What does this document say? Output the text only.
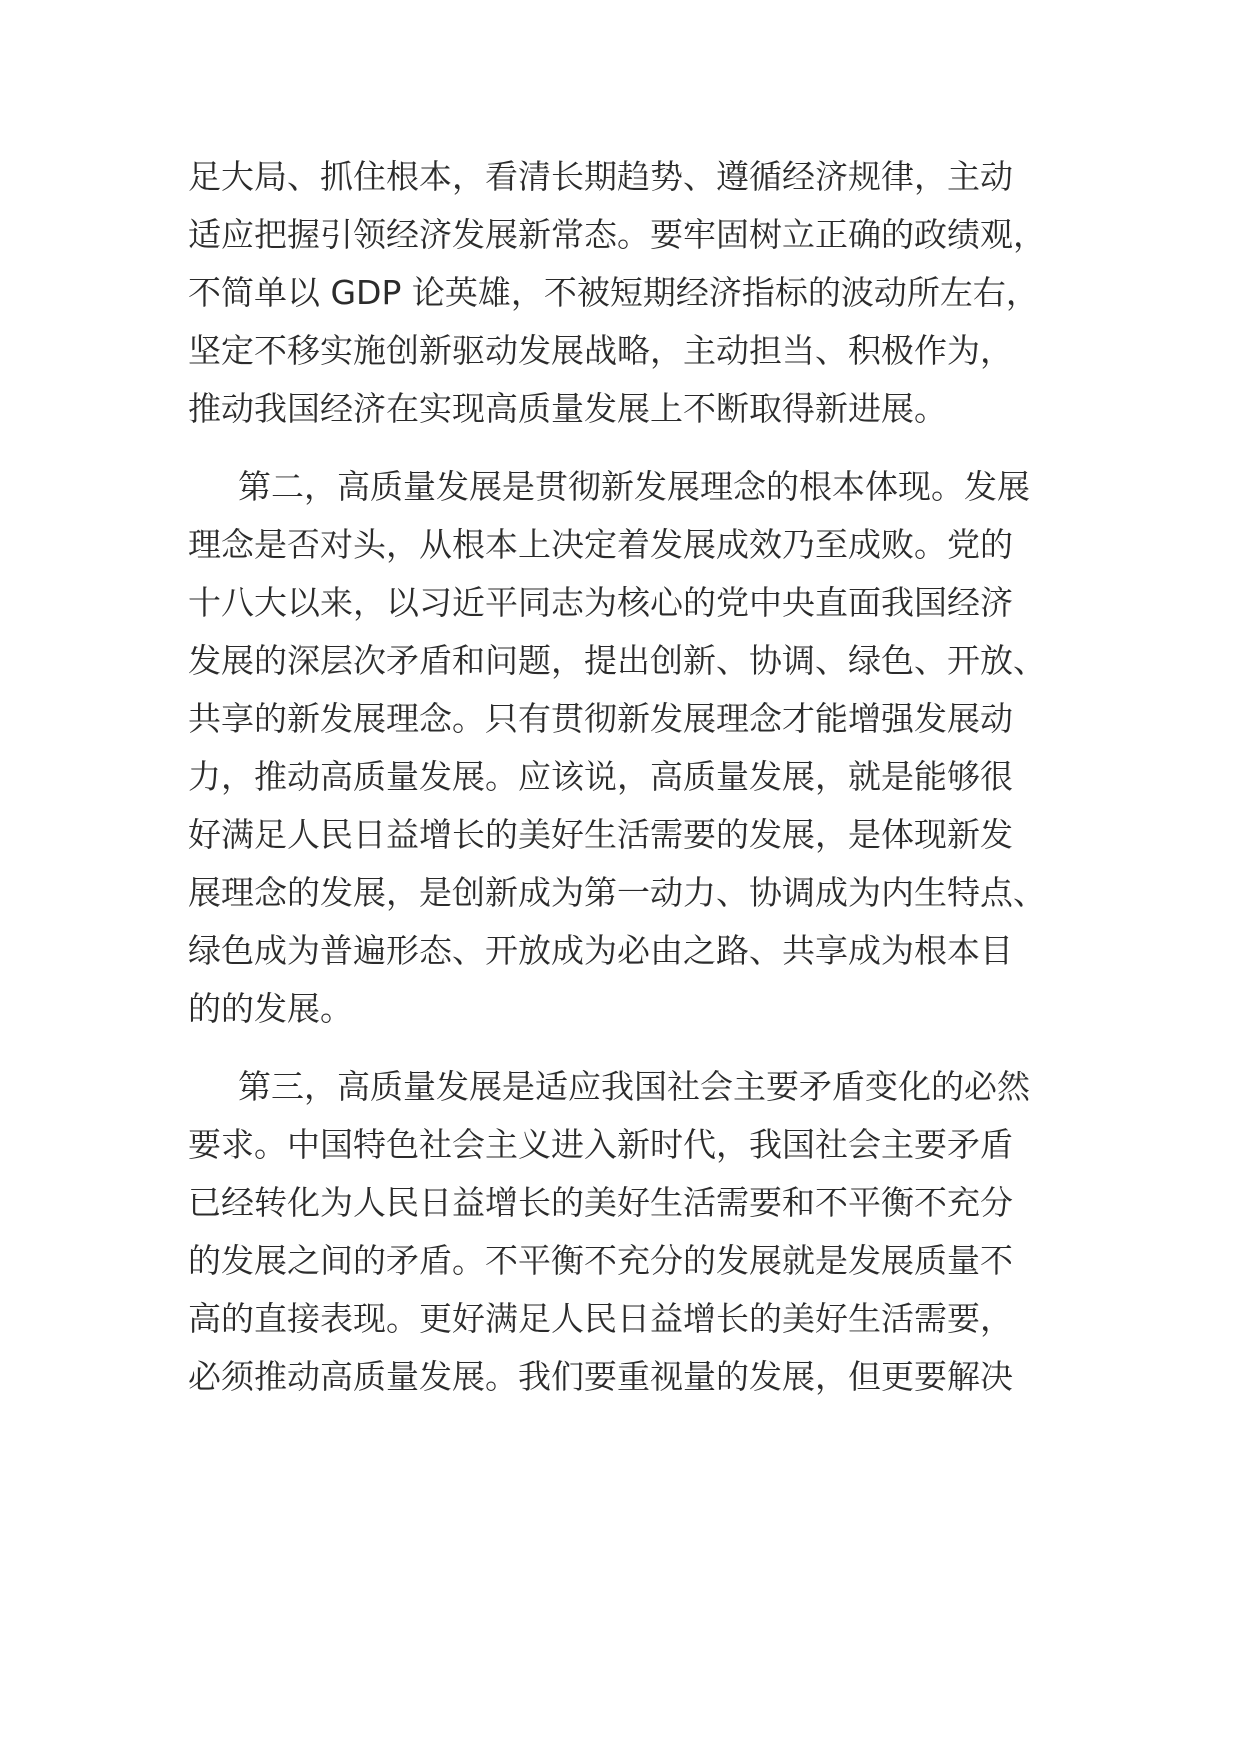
足大局、抓住根本，看清长期趋势、遵循经济规律，主动
适应把握引领经济发展新常态。要牢固树立正确的政绩观，
不简单以 GDP 论英雄，不被短期经济指标的波动所左右，
坚定不移实施创新驱动发展战略，主动担当、积极作为，
推动我国经济在实现高质量发展上不断取得新进展。
第二，高质量发展是贯彻新发展理念的根本体现。发展
理念是否对头，从根本上决定着发展成效乃至成败。党的
十八大以来，以习近平同志为核心的党中央直面我国经济
发展的深层次矛盾和问题，提出创新、协调、绿色、开放、
共享的新发展理念。只有贯彻新发展理念才能增强发展动
力，推动高质量发展。应该说，高质量发展，就是能够很
好满足人民日益增长的美好生活需要的发展，是体现新发
展理念的发展，是创新成为第一动力、协调成为内生特点、
绿色成为普遍形态、开放成为必由之路、共享成为根本目
的的发展。
第三，高质量发展是适应我国社会主要矛盾变化的必然
要求。中国特色社会主义进入新时代，我国社会主要矛盾
已经转化为人民日益增长的美好生活需要和不平衡不充分
的发展之间的矛盾。不平衡不充分的发展就是发展质量不
高的直接表现。更好满足人民日益增长的美好生活需要，
必须推动高质量发展。我们要重视量的发展，但更要解决
